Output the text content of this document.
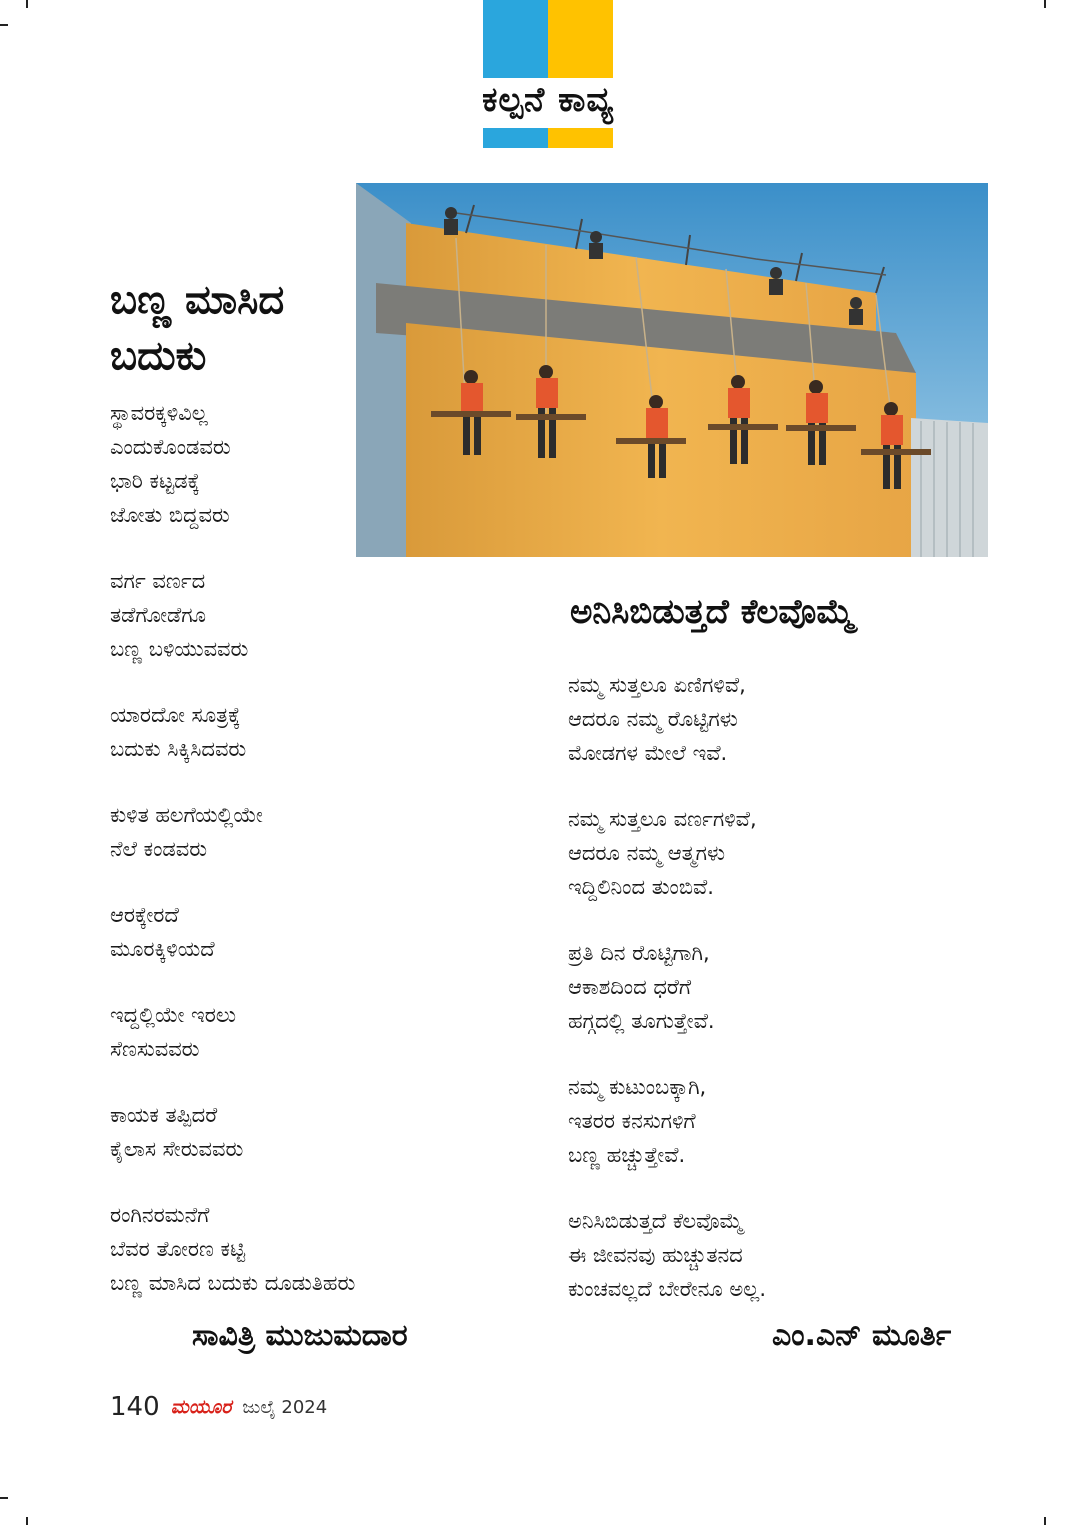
ಕಲ್ಪನೆ ಕಾವ್ಯ
ಬಣ್ಣ ಮಾಸಿದ
ಬದುಕು
ಸ್ಥಾವರಕ್ಕಳಿವಿಲ್ಲ
ಎಂದುಕೊಂಡವರು
ಭಾರಿ ಕಟ್ಟಡಕ್ಕೆ
ಜೋತು ಬಿದ್ದವರು
ವರ್ಗ ವರ್ಣದ
ತಡೆಗೋಡೆಗೂ
ಬಣ್ಣ ಬಳಿಯುವವರು
ಯಾರದೋ ಸೂತ್ರಕ್ಕೆ
ಬದುಕು ಸಿಕ್ಕಿಸಿದವರು
ಕುಳಿತ ಹಲಗೆಯಲ್ಲಿಯೇ
ನೆಲೆ ಕಂಡವರು
ಆರಕ್ಕೇರದೆ
ಮೂರಕ್ಕಿಳಿಯದೆ
ಇದ್ದಲ್ಲಿಯೇ ಇರಲು
ಸೆಣಸುವವರು
ಕಾಯಕ ತಪ್ಪಿದರೆ
ಕೈಲಾಸ ಸೇರುವವರು
ರಂಗಿನರಮನೆಗೆ
ಬೆವರ ತೋರಣ ಕಟ್ಟಿ
ಬಣ್ಣ ಮಾಸಿದ ಬದುಕು ದೂಡುತಿಹರು
ಸಾವಿತ್ರಿ ಮುಜುಮದಾರ
ಅನಿಸಿಬಿಡುತ್ತದೆ ಕೆಲವೊಮ್ಮೆ
ನಮ್ಮ ಸುತ್ತಲೂ ಏಣಿಗಳಿವೆ,
ಆದರೂ ನಮ್ಮ ರೊಟ್ಟಿಗಳು
ಮೋಡಗಳ ಮೇಲೆ ಇವೆ.
ನಮ್ಮ ಸುತ್ತಲೂ ವರ್ಣಗಳಿವೆ,
ಆದರೂ ನಮ್ಮ ಆತ್ಮಗಳು
ಇದ್ದಿಲಿನಿಂದ ತುಂಬಿವೆ.
ಪ್ರತಿ ದಿನ ರೊಟ್ಟಿಗಾಗಿ,
ಆಕಾಶದಿಂದ ಧರೆಗೆ
ಹಗ್ಗದಲ್ಲಿ ತೂಗುತ್ತೇವೆ.
ನಮ್ಮ ಕುಟುಂಬಕ್ಕಾಗಿ,
ಇತರರ ಕನಸುಗಳಿಗೆ
ಬಣ್ಣ ಹಚ್ಚುತ್ತೇವೆ.
ಅನಿಸಿಬಿಡುತ್ತದೆ ಕೆಲವೊಮ್ಮೆ
ಈ ಜೀವನವು ಹುಚ್ಚುತನದ
ಕುಂಚವಲ್ಲದೆ ಬೇರೇನೂ ಅಲ್ಲ.
ಎಂ.ಎನ್ ಮೂರ್ತಿ
140 ಮಯೂರ ಜುಲೈ 2024
